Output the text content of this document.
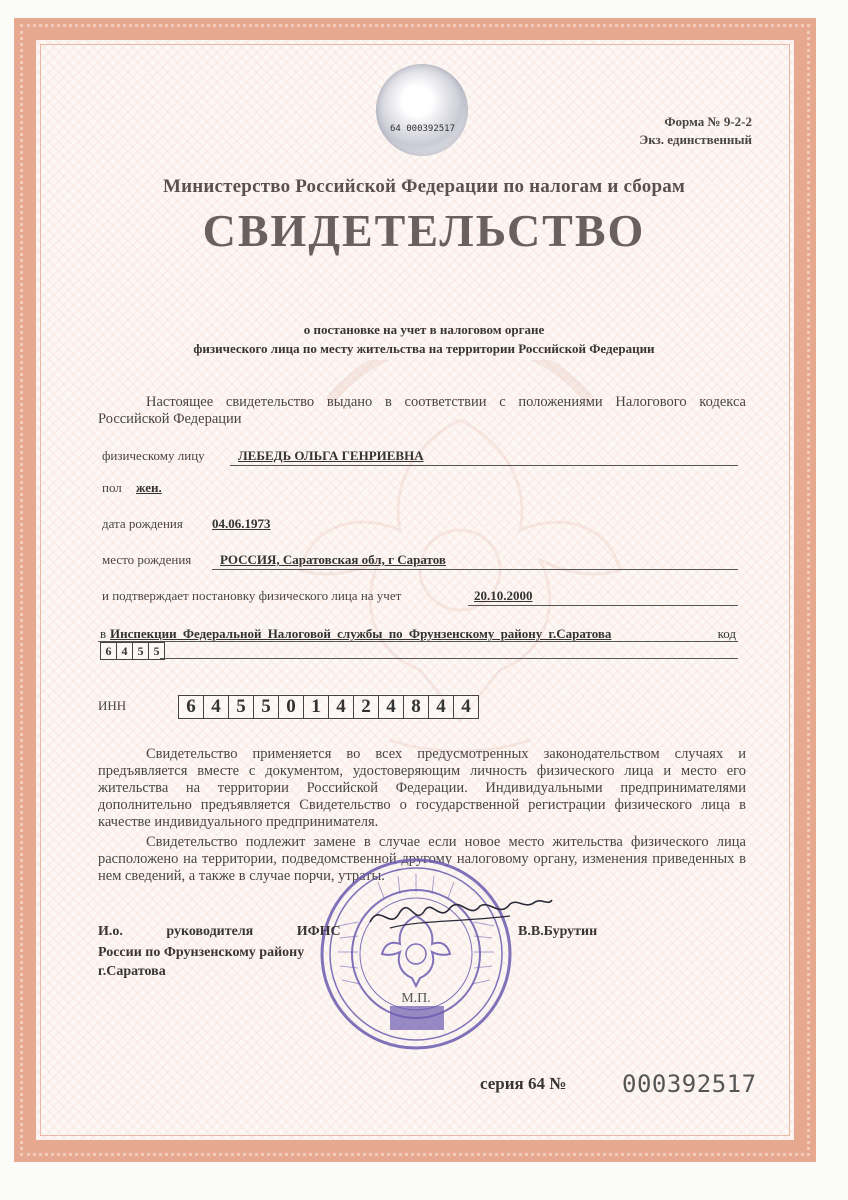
64 000392517	Форма № 9-2-2
Экз. единственный
Министерство Российской Федерации по налогам и сборам
СВИДЕТЕЛЬСТВО
о постановке на учет в налоговом органе
физического лица по месту жительства на территории Российской Федерации
Настоящее свидетельство выдано в соответствии с положениями Налогового кодекса Российской Федерации
физическому лицу	ЛЕБЕДЬ ОЛЬГА ГЕНРИЕВНА
пол жен.
дата рождения 04.06.1973
место рождения РОССИЯ, Саратовская обл, г Саратов
и подтверждает постановку физического лица на учет	20.10.2000
в Инспекции Федеральной Налоговой службы по Фрунзенскому району г.Саратова	код
6 4 5 5
ИНН	6 4 5 5 0 1 4 2 4 8 4 4
Свидетельство применяется во всех предусмотренных законодательством случаях и предъявляется вместе с документом, удостоверяющим личность физического лица и место его жительства на территории Российской Федерации. Индивидуальными предпринимателями дополнительно предъявляется Свидетельство о государственной регистрации физического лица в качестве индивидуального предпринимателя.
Свидетельство подлежит замене в случае если новое место жительства физического лица расположено на территории, подведомственной другому налоговому органу, изменения приведенных в нем сведений, а также в случае порчи, утраты.
М.П.
И.о. руководителя ИФНС
России по Фрунзенскому району
г.Саратова
В.В.Бурутин
серия 64 № 000392517
